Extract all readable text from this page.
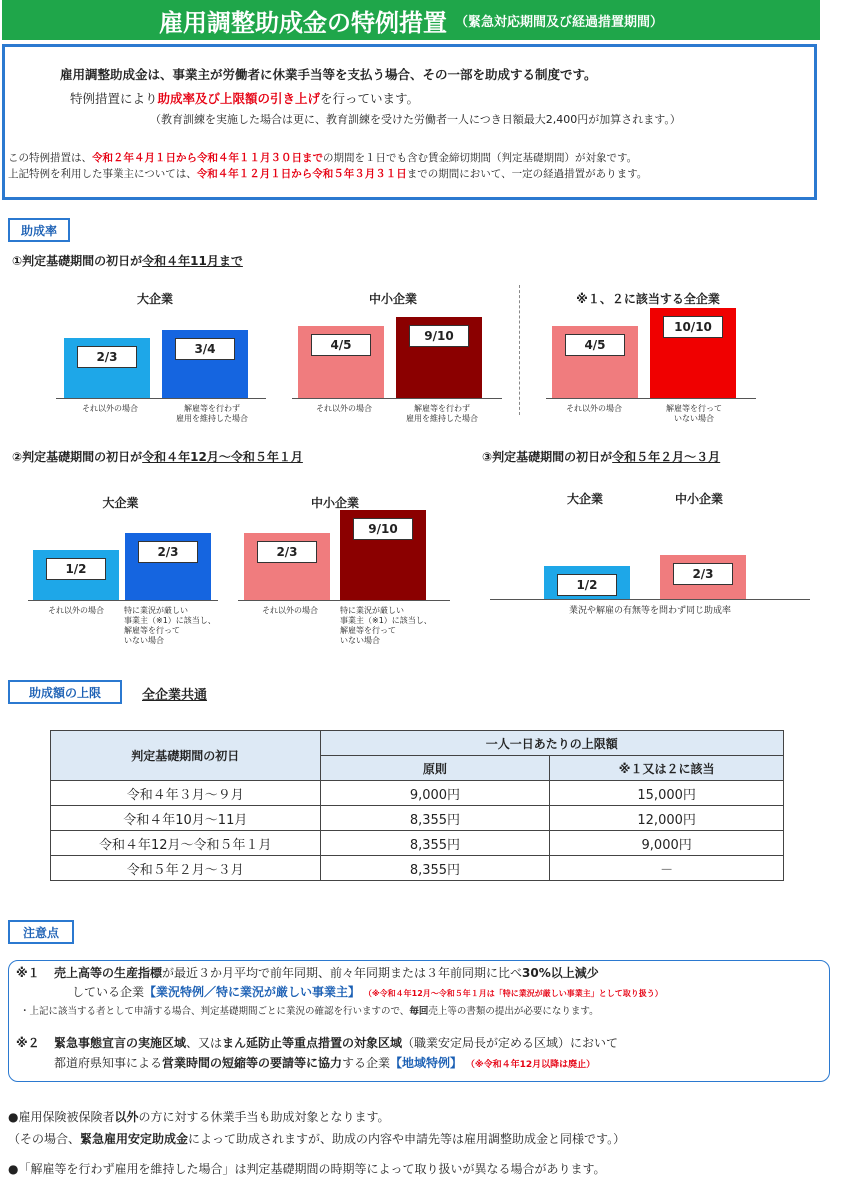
雇用調整助成金の特例措置 （緊急対応期間及び経過措置期間）
雇用調整助成金は、事業主が労働者に休業手当等を支払う場合、その一部を助成する制度です。
特例措置により助成率及び上限額の引き上げを行っています。
（教育訓練を実施した場合は更に、教育訓練を受けた労働者一人につき日額最大2,400円が加算されます。）
この特例措置は、令和２年４月１日から令和４年１１月３０日までの期間を１日でも含む賃金締切期間（判定基礎期間）が対象です。
上記特例を利用した事業主については、令和４年１２月１日から令和５年３月３１日までの期間において、一定の経過措置があります。
助成率
①判定基礎期間の初日が令和４年11月まで
大企業	中小企業	※１、２に該当する全企業
2/3
3/4	4/5
9/10
4/5
10/10
それ以外の場合	解雇等を行わず
雇用を維持した場合
それ以外の場合	解雇等を行わず
雇用を維持した場合
それ以外の場合	解雇等を行って
いない場合
②判定基礎期間の初日が令和４年12月～令和５年１月
大企業	中小企業
③判定基礎期間の初日が令和５年２月～３月
大企業	中小企業
1/2
2/3	2/3
9/10
1/2
2/3
それ以外の場合	特に業況が厳しい
事業主（※1）に該当し、
解雇等を行って
いない場合
それ以外の場合	特に業況が厳しい
事業主（※1）に該当し、
解雇等を行って
いない場合
業況や解雇の有無等を問わず同じ助成率
助成額の上限	全企業共通
判定基礎期間の初日	一人一日あたりの上限額	
	原則	※１又は２に該当
令和４年３月～９月	9,000円	15,000円
令和４年10月～11月	8,355円	12,000円
令和４年12月～令和５年１月	8,355円	9,000円
令和５年２月～３月	8,355円	－
注意点
※１ 売上高等の生産指標が最近３か月平均で前年同期、前々年同期または３年前同期に比べ30%以上減少
している企業【業況特例／特に業況が厳しい事業主】 （※令和４年12月～令和５年１月は「特に業況が厳しい事業主」として取り扱う）
・上記に該当する者として申請する場合、判定基礎期間ごとに業況の確認を行いますので、毎回売上等の書類の提出が必要になります。
※２ 緊急事態宣言の実施区域、又はまん延防止等重点措置の対象区域（職業安定局長が定める区域）において
都道府県知事による営業時間の短縮等の要請等に協力する企業【地域特例】 （※令和４年12月以降は廃止）
●雇用保険被保険者以外の方に対する休業手当も助成対象となります。
（その場合、緊急雇用安定助成金によって助成されますが、助成の内容や申請先等は雇用調整助成金と同様です。）
●「解雇等を行わず雇用を維持した場合」は判定基礎期間の時期等によって取り扱いが異なる場合があります。
